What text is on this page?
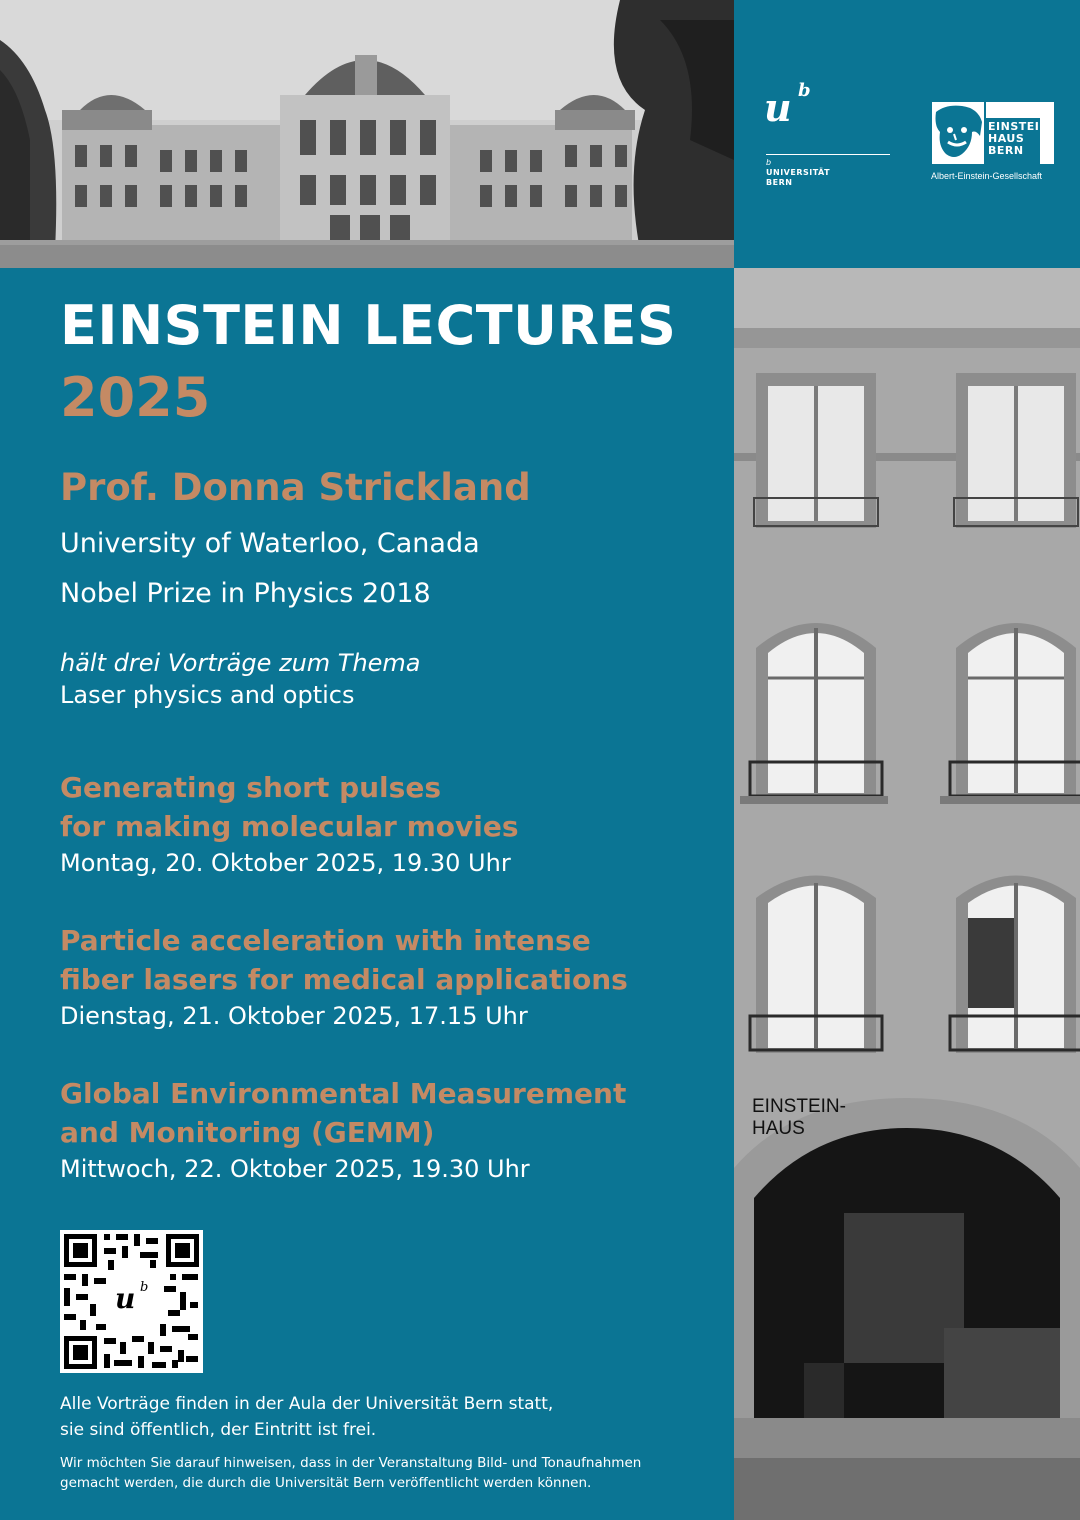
u b
b
UNIVERSITÄT
BERN
EINSTEIN
HAUS
BERN
Albert-Einstein-Gesellschaft
EINSTEIN-
HAUS
EINSTEIN LECTURES
2025
Prof. Donna Strickland
University of Waterloo, Canada
Nobel Prize in Physics 2018
hält drei Vorträge zum Thema
Laser physics and optics
Generating short pulses
for making molecular movies
Montag, 20. Oktober 2025, 19.30 Uhr
Particle acceleration with intense
fiber lasers for medical applications
Dienstag, 21. Oktober 2025, 17.15 Uhr
Global Environmental Measurement
and Monitoring (GEMM)
Mittwoch, 22. Oktober 2025, 19.30 Uhr
u b
Alle Vorträge finden in der Aula der Universität Bern statt,
sie sind öffentlich, der Eintritt ist frei.
Wir möchten Sie darauf hinweisen, dass in der Veranstaltung Bild- und Tonaufnahmen
gemacht werden, die durch die Universität Bern veröffentlicht werden können.
